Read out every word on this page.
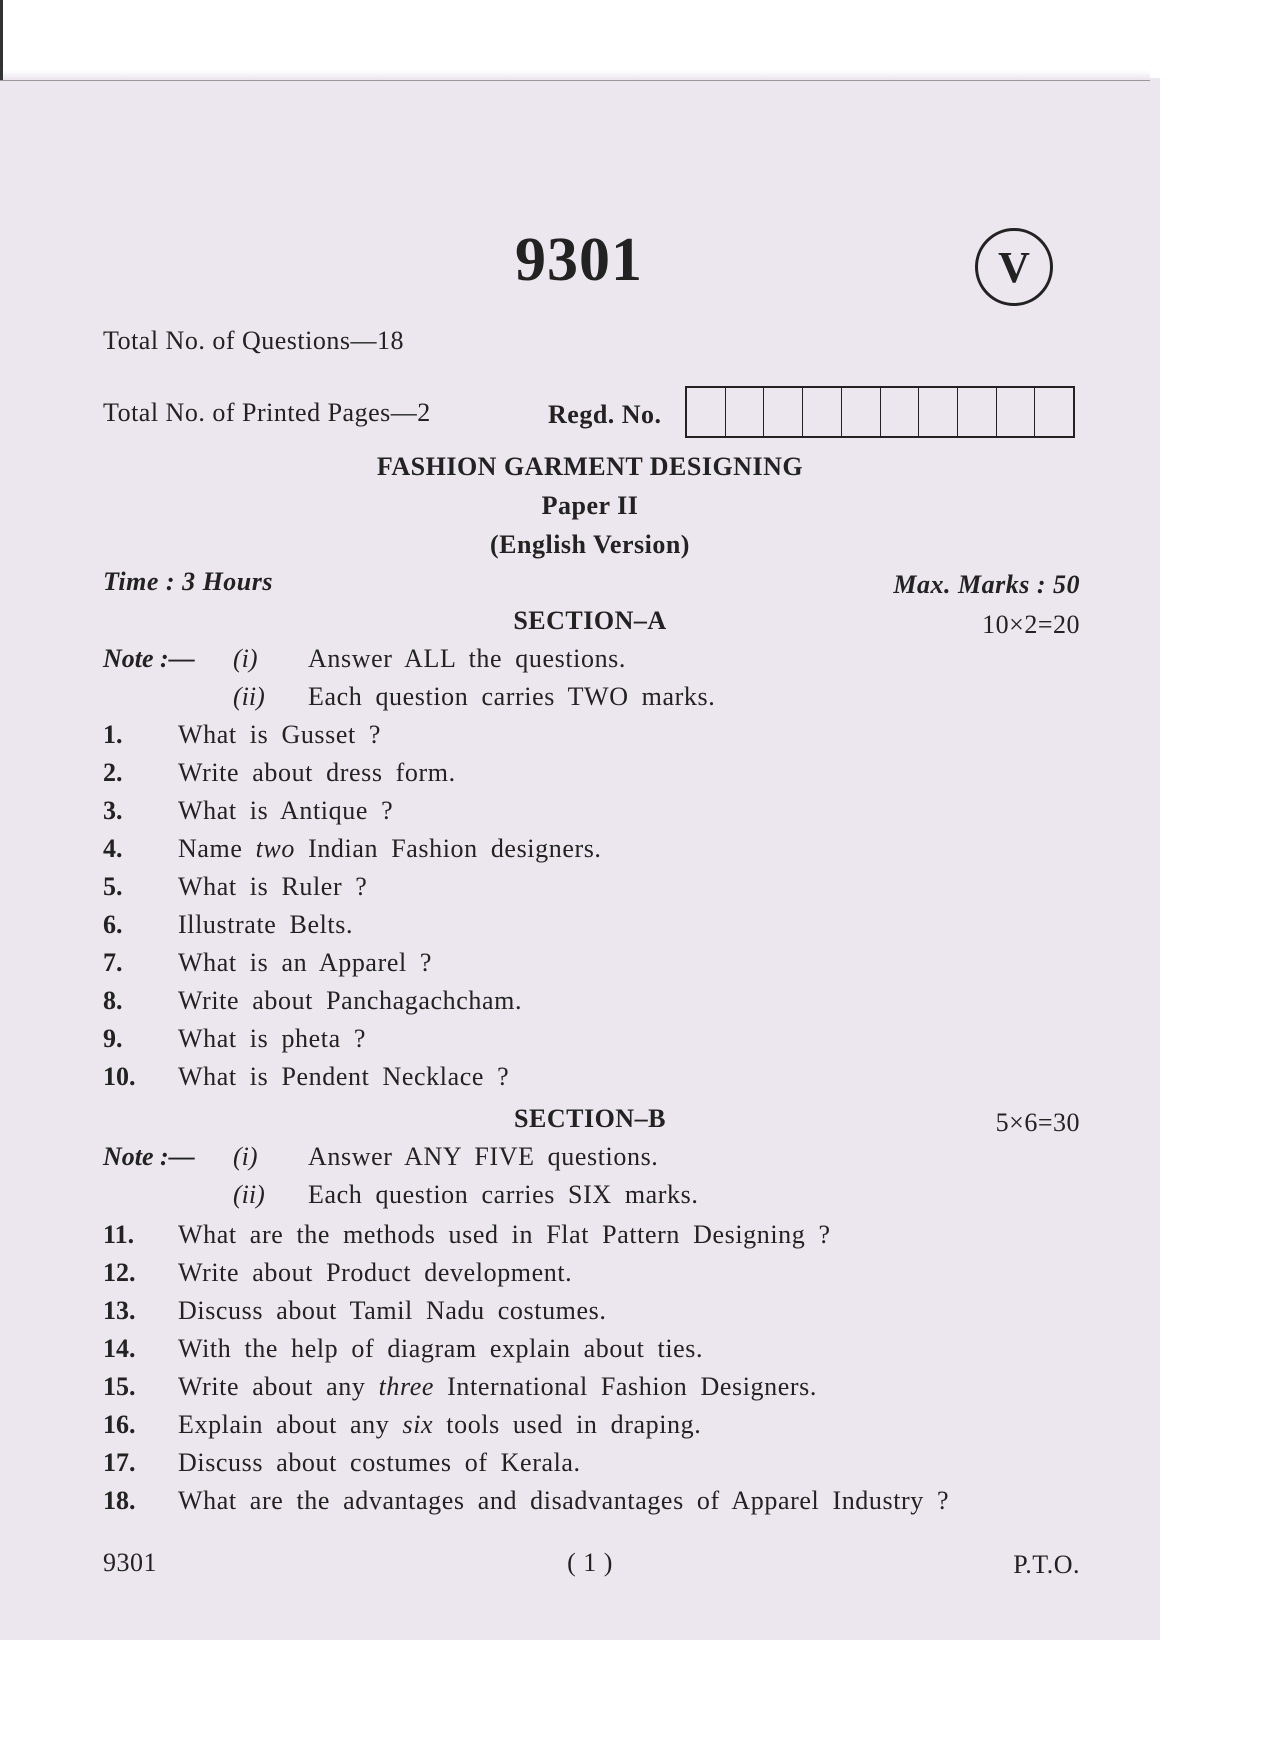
9301	V
Total No. of Questions—18
Total No. of Printed Pages—2	Regd. No.
FASHION GARMENT DESIGNING
Paper II
(English Version)
Time : 3 Hours	Max. Marks : 50
SECTION–A	10×2=20
Note :— (i) Answer ALL the questions.
(ii) Each question carries TWO marks.
1. What is Gusset ?
2. Write about dress form.
3. What is Antique ?
4. Name two Indian Fashion designers.
5. What is Ruler ?
6. Illustrate Belts.
7. What is an Apparel ?
8. Write about Panchagachcham.
9. What is pheta ?
10. What is Pendent Necklace ?
SECTION–B	5×6=30
Note :— (i) Answer ANY FIVE questions.
(ii) Each question carries SIX marks.
11. What are the methods used in Flat Pattern Designing ?
12. Write about Product development.
13. Discuss about Tamil Nadu costumes.
14. With the help of diagram explain about ties.
15. Write about any three International Fashion Designers.
16. Explain about any six tools used in draping.
17. Discuss about costumes of Kerala.
18. What are the advantages and disadvantages of Apparel Industry ?
9301	( 1 )	P.T.O.
